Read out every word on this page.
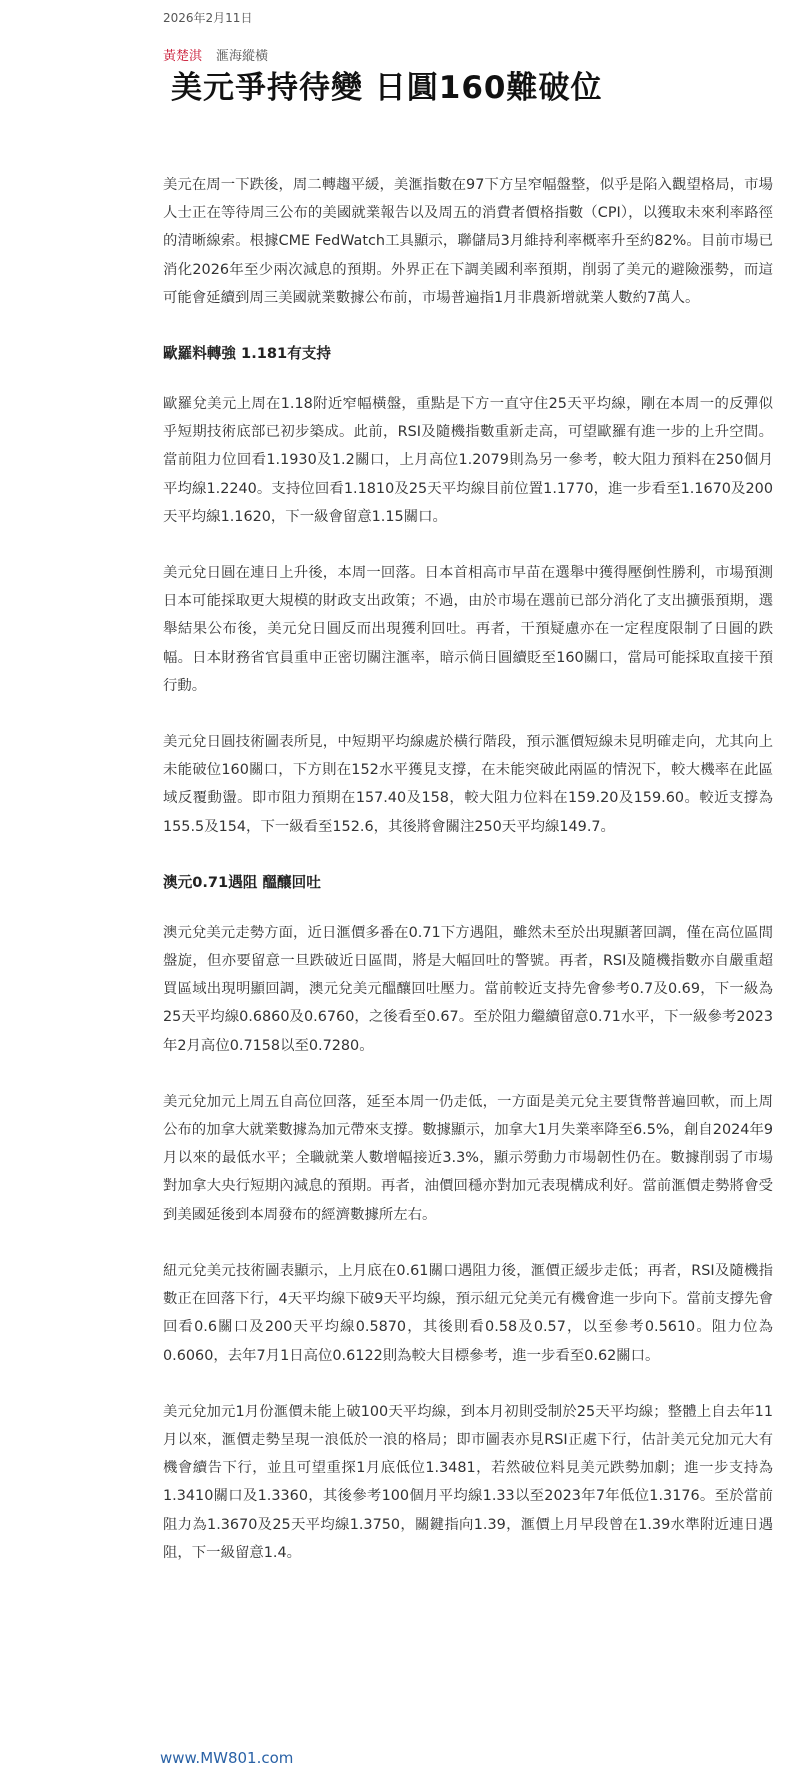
2026年2月11日
黃楚淇 滙海縱橫
美元爭持待變 日圓160難破位

美元在周一下跌後，周二轉趨平緩，美滙指數在97下方呈窄幅盤整，似乎是陷入觀望格局，市場人士正在等待周三公布的美國就業報告以及周五的消費者價格指數（CPI），以獲取未來利率路徑的清晰線索。根據CME FedWatch工具顯示，聯儲局3月維持利率概率升至約82%。目前市場已消化2026年至少兩次減息的預期。外界正在下調美國利率預期，削弱了美元的避險漲勢，而這可能會延續到周三美國就業數據公布前，市場普遍指1月非農新增就業人數約7萬人。

歐羅料轉強 1.181有支持

歐羅兌美元上周在1.18附近窄幅橫盤，重點是下方一直守住25天平均線，剛在本周一的反彈似乎短期技術底部已初步築成。此前，RSI及隨機指數重新走高，可望歐羅有進一步的上升空間。當前阻力位回看1.1930及1.2關口，上月高位1.2079則為另一參考，較大阻力預料在250個月平均線1.2240。支持位回看1.1810及25天平均線目前位置1.1770，進一步看至1.1670及200天平均線1.1620，下一級會留意1.15關口。

美元兌日圓在連日上升後，本周一回落。日本首相高市早苗在選舉中獲得壓倒性勝利，市場預測日本可能採取更大規模的財政支出政策；不過，由於市場在選前已部分消化了支出擴張預期，選舉結果公布後，美元兌日圓反而出現獲利回吐。再者，干預疑慮亦在一定程度限制了日圓的跌幅。日本財務省官員重申正密切關注滙率，暗示倘日圓續貶至160關口，當局可能採取直接干預行動。

美元兌日圓技術圖表所見，中短期平均線處於橫行階段，預示滙價短線未見明確走向，尤其向上未能破位160關口，下方則在152水平獲見支撐，在未能突破此兩區的情況下，較大機率在此區域反覆動盪。即市阻力預期在157.40及158，較大阻力位料在159.20及159.60。較近支撐為155.5及154，下一級看至152.6，其後將會關注250天平均線149.7。

澳元0.71遇阻 醞釀回吐

澳元兌美元走勢方面，近日滙價多番在0.71下方遇阻，雖然未至於出現顯著回調，僅在高位區間盤旋，但亦要留意一旦跌破近日區間，將是大幅回吐的警號。再者，RSI及隨機指數亦自嚴重超買區域出現明顯回調，澳元兌美元醞釀回吐壓力。當前較近支持先會參考0.7及0.69，下一級為25天平均線0.6860及0.6760，之後看至0.67。至於阻力繼續留意0.71水平，下一級參考2023年2月高位0.7158以至0.7280。

美元兌加元上周五自高位回落，延至本周一仍走低，一方面是美元兌主要貨幣普遍回軟，而上周公布的加拿大就業數據為加元帶來支撐。數據顯示，加拿大1月失業率降至6.5%，創自2024年9月以來的最低水平；全職就業人數增幅接近3.3%，顯示勞動力市場韌性仍在。數據削弱了市場對加拿大央行短期內減息的預期。再者，油價回穩亦對加元表現構成利好。當前滙價走勢將會受到美國延後到本周發布的經濟數據所左右。

紐元兌美元技術圖表顯示，上月底在0.61關口遇阻力後，滙價正緩步走低；再者，RSI及隨機指數正在回落下行，4天平均線下破9天平均線，預示紐元兌美元有機會進一步向下。當前支撐先會回看0.6關口及200天平均線0.5870，其後則看0.58及0.57，以至參考0.5610。阻力位為0.6060，去年7月1日高位0.6122則為較大目標參考，進一步看至0.62關口。

美元兌加元1月份滙價未能上破100天平均線，到本月初則受制於25天平均線；整體上自去年11月以來，滙價走勢呈現一浪低於一浪的格局；即市圖表亦見RSI正處下行，估計美元兌加元大有機會續告下行，並且可望重探1月底低位1.3481，若然破位料見美元跌勢加劇；進一步支持為1.3410關口及1.3360，其後參考100個月平均線1.33以至2023年7年低位1.3176。至於當前阻力為1.3670及25天平均線1.3750，關鍵指向1.39，滙價上月早段曾在1.39水準附近連日遇阻，下一級留意1.4。

www.MW801.com
